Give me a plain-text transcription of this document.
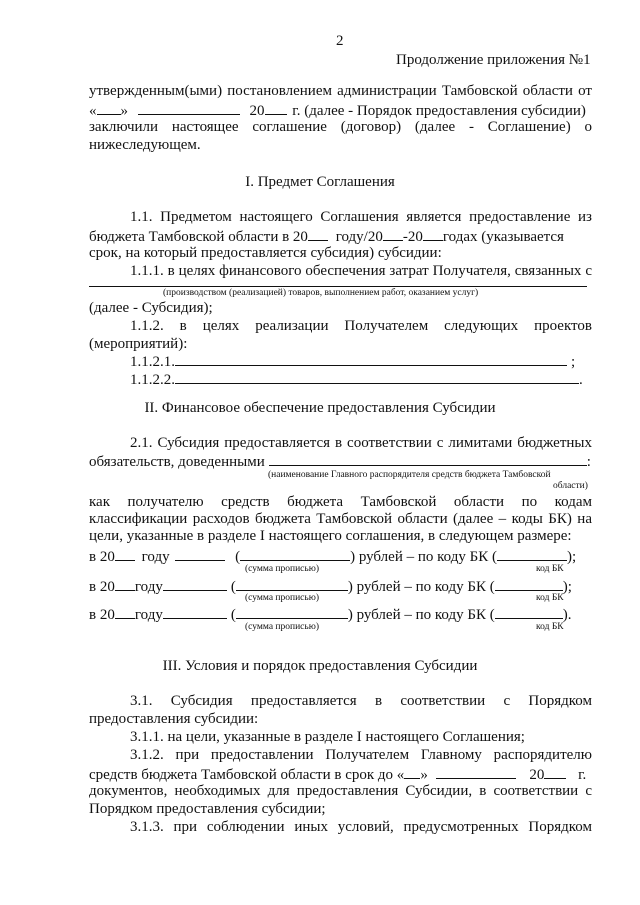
2

Продолжение приложения №1

утвержденным(ыми) постановлением администрации Тамбовской области от

« »	20 г. (далее - Порядок предоставления субсидии)

заключили настоящее соглашение (договор) (далее - Соглашение) о

нижеследующем.

I. Предмет Соглашения

1.1. Предметом настоящего Соглашения является предоставление из

бюджета Тамбовской области в 20 году/20 -20 годах (указывается

срок, на который предоставляется субсидия) субсидии:

1.1.1. в целях финансового обеспечения затрат Получателя, связанных с

(производством (реализацией) товаров, выполнением работ, оказанием услуг)

(далее - Субсидия);

1.1.2. в целях реализации Получателем следующих проектов

(мероприятий):

1.1.2.1.	;

1.1.2.2.	.

II. Финансовое обеспечение предоставления Субсидии

2.1. Субсидия предоставляется в соответствии с лимитами бюджетных

обязательств, доведенными	:

(наименование Главного распорядителя средств бюджета Тамбовской

области)

как получателю средств бюджета Тамбовской области по кодам

классификации расходов бюджета Тамбовской области (далее – коды БК) на

цели, указанные в разделе I настоящего соглашения, в следующем размере:

в 20 году	(	) рублей – по коду БК (	);

(сумма прописью)	код БК

в 20 году	(	) рублей – по коду БК (	);

(сумма прописью)	код БК

в 20 году	(	) рублей – по коду БК (	).

(сумма прописью)	код БК

III. Условия и порядок предоставления Субсидии

3.1. Субсидия предоставляется в соответствии с Порядком

предоставления субсидии:

3.1.1. на цели, указанные в разделе I настоящего Соглашения;

3.1.2. при предоставлении Получателем Главному распорядителю

средств бюджета Тамбовской области в срок до « »	20 г.

документов, необходимых для предоставления Субсидии, в соответствии с

Порядком предоставления субсидии;

3.1.3. при соблюдении иных условий, предусмотренных Порядком
